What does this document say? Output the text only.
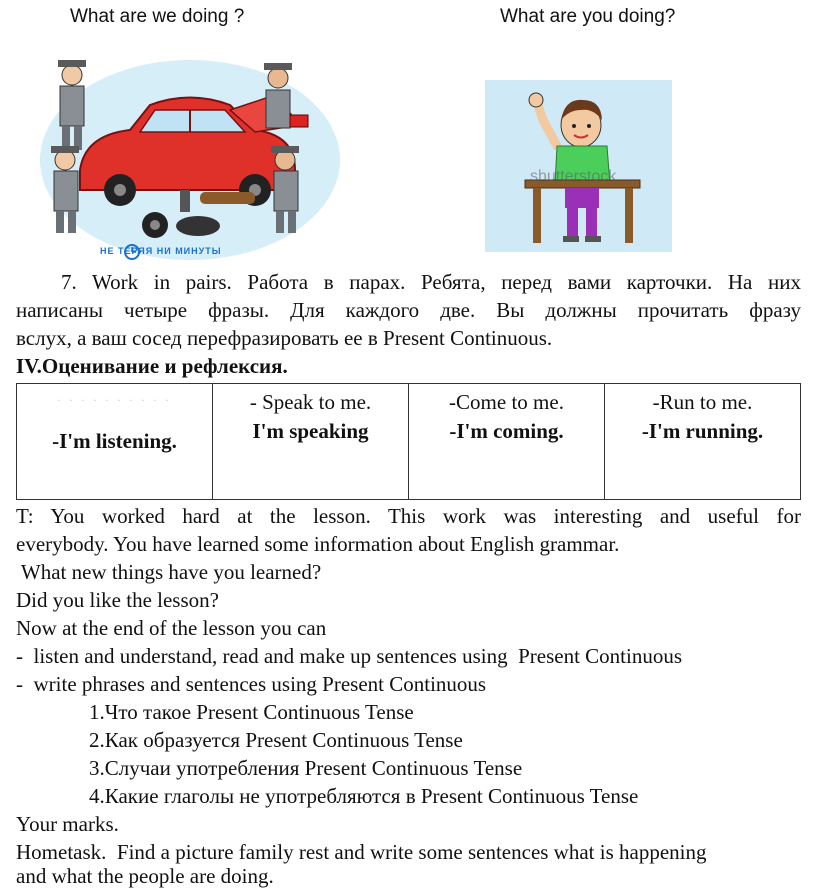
What are we doing ?	What are you doing?
НЕ ТЕРЯЯ НИ МИНУТЫ
shutterstock
7. Work in pairs. Работа в парах. Ребята, перед вами карточки. На них
написаны четыре фразы. Для каждого две. Вы должны прочитать фразу
вслух, а ваш сосед перефразировать ее в Present Continuous.
IV.Оценивание и рефлексия.
. . . . . . . . . .
-I'm listening.
	- Speak to me.
I'm speaking
	-Come to me.
-I'm coming.
	-Run to me.
-I'm running.
T: You worked hard at the lesson. This work was interesting and useful for
everybody. You have learned some information about English grammar.
What new things have you learned?
Did you like the lesson?
Now at the end of the lesson you can
-  listen and understand, read and make up sentences using  Present Continuous
-  write phrases and sentences using Present Continuous
1.Что такое Present Continuous Tense
2.Как образуется Present Continuous Tense
3.Случаи употребления Present Continuous Tense
4.Какие глаголы не употребляются в Present Continuous Tense
Your marks.
Hometask.  Find a picture family rest and write some sentences what is happening
and what the people are doing.
